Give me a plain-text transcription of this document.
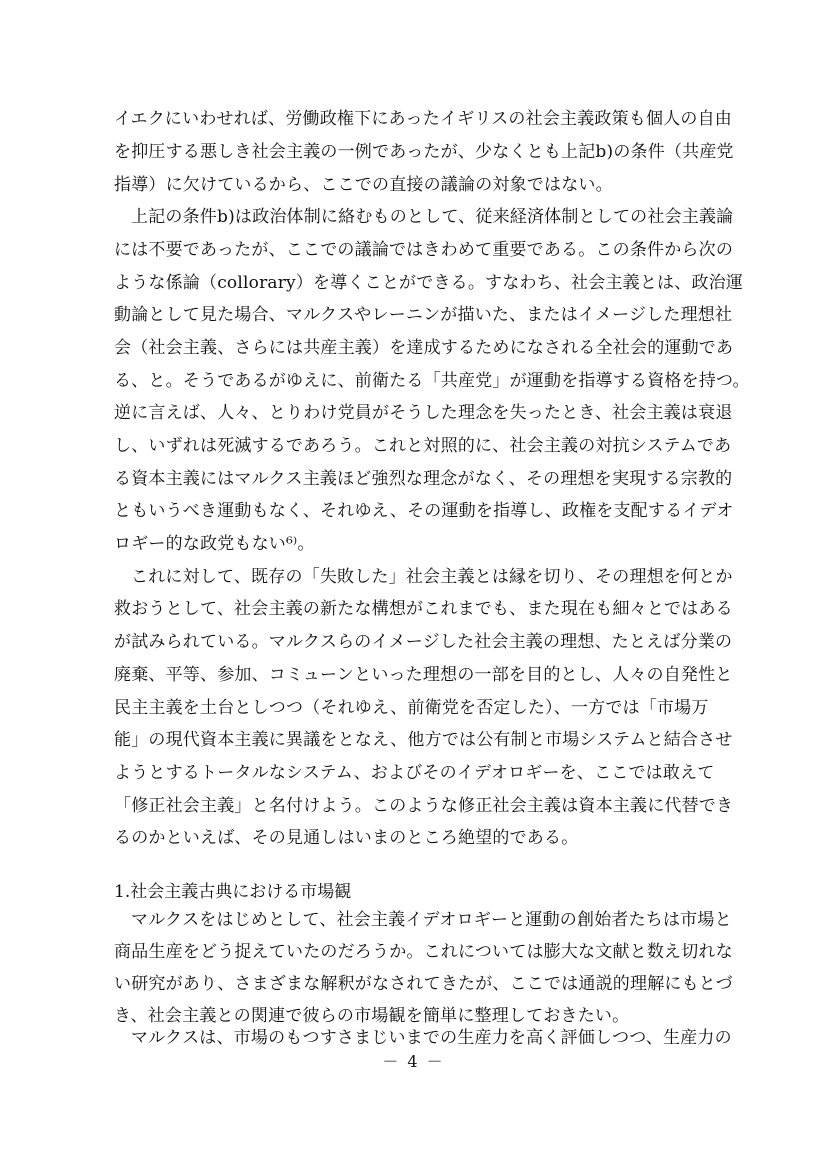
イエクにいわせれば、労働政権下にあったイギリスの社会主義政策も個人の自由
を抑圧する悪しき社会主義の一例であったが、少なくとも上記b)の条件（共産党
指導）に欠けているから、ここでの直接の議論の対象ではない。
上記の条件b)は政治体制に絡むものとして、従来経済体制としての社会主義論
には不要であったが、ここでの議論ではきわめて重要である。この条件から次の
ような係論（collorary）を導くことができる。すなわち、社会主義とは、政治運
動論として見た場合、マルクスやレーニンが描いた、またはイメージした理想社
会（社会主義、さらには共産主義）を達成するためになされる全社会的運動であ
る、と。そうであるがゆえに、前衛たる「共産党」が運動を指導する資格を持つ。
逆に言えば、人々、とりわけ党員がそうした理念を失ったとき、社会主義は衰退
し、いずれは死滅するであろう。これと対照的に、社会主義の対抗システムであ
る資本主義にはマルクス主義ほど強烈な理念がなく、その理想を実現する宗教的
ともいうべき運動もなく、それゆえ、その運動を指導し、政権を支配するイデオ
ロギー的な政党もない⁶⁾。
これに対して、既存の「失敗した」社会主義とは縁を切り、その理想を何とか
救おうとして、社会主義の新たな構想がこれまでも、また現在も細々とではある
が試みられている。マルクスらのイメージした社会主義の理想、たとえば分業の
廃棄、平等、参加、コミューンといった理想の一部を目的とし、人々の自発性と
民主主義を土台としつつ（それゆえ、前衛党を否定した）、一方では「市場万
能」の現代資本主義に異議をとなえ、他方では公有制と市場システムと結合させ
ようとするトータルなシステム、およびそのイデオロギーを、ここでは敢えて
「修正社会主義」と名付けよう。このような修正社会主義は資本主義に代替でき
るのかといえば、その見通しはいまのところ絶望的である。
1.社会主義古典における市場観
マルクスをはじめとして、社会主義イデオロギーと運動の創始者たちは市場と
商品生産をどう捉えていたのだろうか。これについては膨大な文献と数え切れな
い研究があり、さまざまな解釈がなされてきたが、ここでは通説的理解にもとづ
き、社会主義との関連で彼らの市場観を簡単に整理しておきたい。
マルクスは、市場のもつすさまじいまでの生産力を高く評価しつつ、生産力の
－ 4 －
